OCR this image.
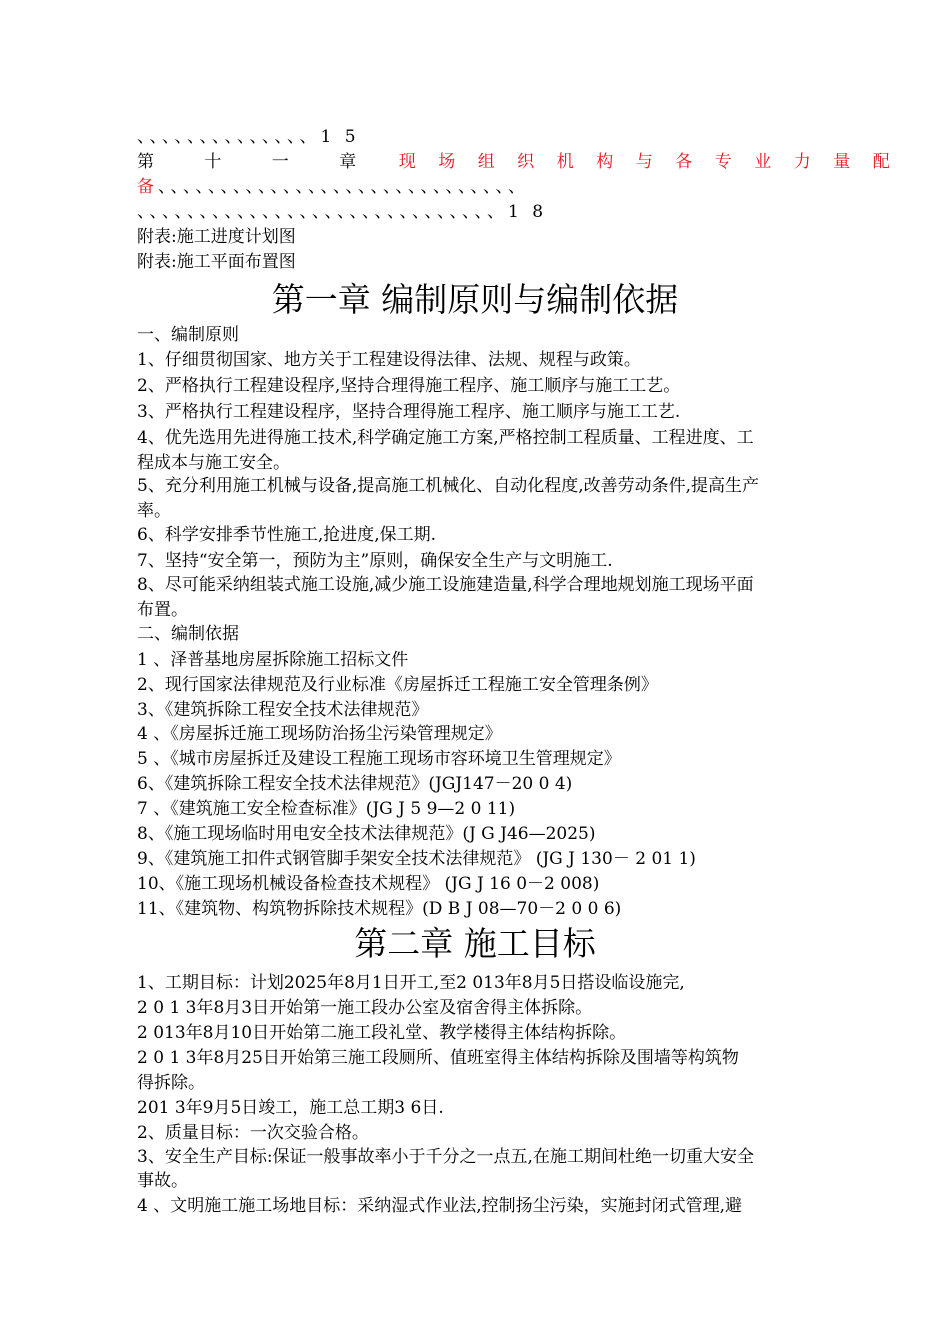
、、、、、、、、、、、、、、1 5
第 十 一 章 现场组织机构与各专业力量配
备、、、、、、、、、、、、、、、、、、、、、、、、、、、、、
、、、、、、、、、、、、、、、、、、、、、、、、、、、、、1 8
附表:施工进度计划图
附表:施工平面布置图
第一章 编制原则与编制依据
一、编制原则
1、仔细贯彻国家、地方关于工程建设得法律、法规、规程与政策。
2、严格执行工程建设程序,坚持合理得施工程序、施工顺序与施工工艺。
3、严格执行工程建设程序，坚持合理得施工程序、施工顺序与施工工艺.
4、优先选用先进得施工技术,科学确定施工方案,严格控制工程质量、工程进度、工
程成本与施工安全。
5、充分利用施工机械与设备,提高施工机械化、自动化程度,改善劳动条件,提高生产
率。
6、科学安排季节性施工,抢进度,保工期.
7、坚持“安全第一，预防为主”原则，确保安全生产与文明施工.
8、尽可能采纳组装式施工设施,减少施工设施建造量,科学合理地规划施工现场平面
布置。
二、编制依据
1 、泽普基地房屋拆除施工招标文件
2、现行国家法律规范及行业标准《房屋拆迁工程施工安全管理条例》
3、《建筑拆除工程安全技术法律规范》
4 、《房屋拆迁施工现场防治扬尘污染管理规定》
5 、《城市房屋拆迁及建设工程施工现场市容环境卫生管理规定》
6、《建筑拆除工程安全技术法律规范》(JGJ147－20 0 4)
7 、《建筑施工安全检查标准》(JG J 5 9—2 0 11)
8、《施工现场临时用电安全技术法律规范》(J G J46—2025)
9、《建筑施工扣件式钢管脚手架安全技术法律规范》 (JG J 130－ 2 01 1)
10、《施工现场机械设备检查技术规程》 (JG J 16 0－2 008)
11、《建筑物、构筑物拆除技术规程》(D B J 08—70－2 0 0 6)
第二章 施工目标
1、工期目标：计划2025年8月1日开工,至2 013年8月5日搭设临设施完,
2 0 1 3年8月3日开始第一施工段办公室及宿舍得主体拆除。
2 013年8月10日开始第二施工段礼堂、教学楼得主体结构拆除。
2 0 1 3年8月25日开始第三施工段厕所、值班室得主体结构拆除及围墙等构筑物
得拆除。
201 3年9月5日竣工，施工总工期3 6日.
2、质量目标：一次交验合格。
3、安全生产目标:保证一般事故率小于千分之一点五,在施工期间杜绝一切重大安全
事故。
4 、文明施工施工场地目标：采纳湿式作业法,控制扬尘污染，实施封闭式管理,避
